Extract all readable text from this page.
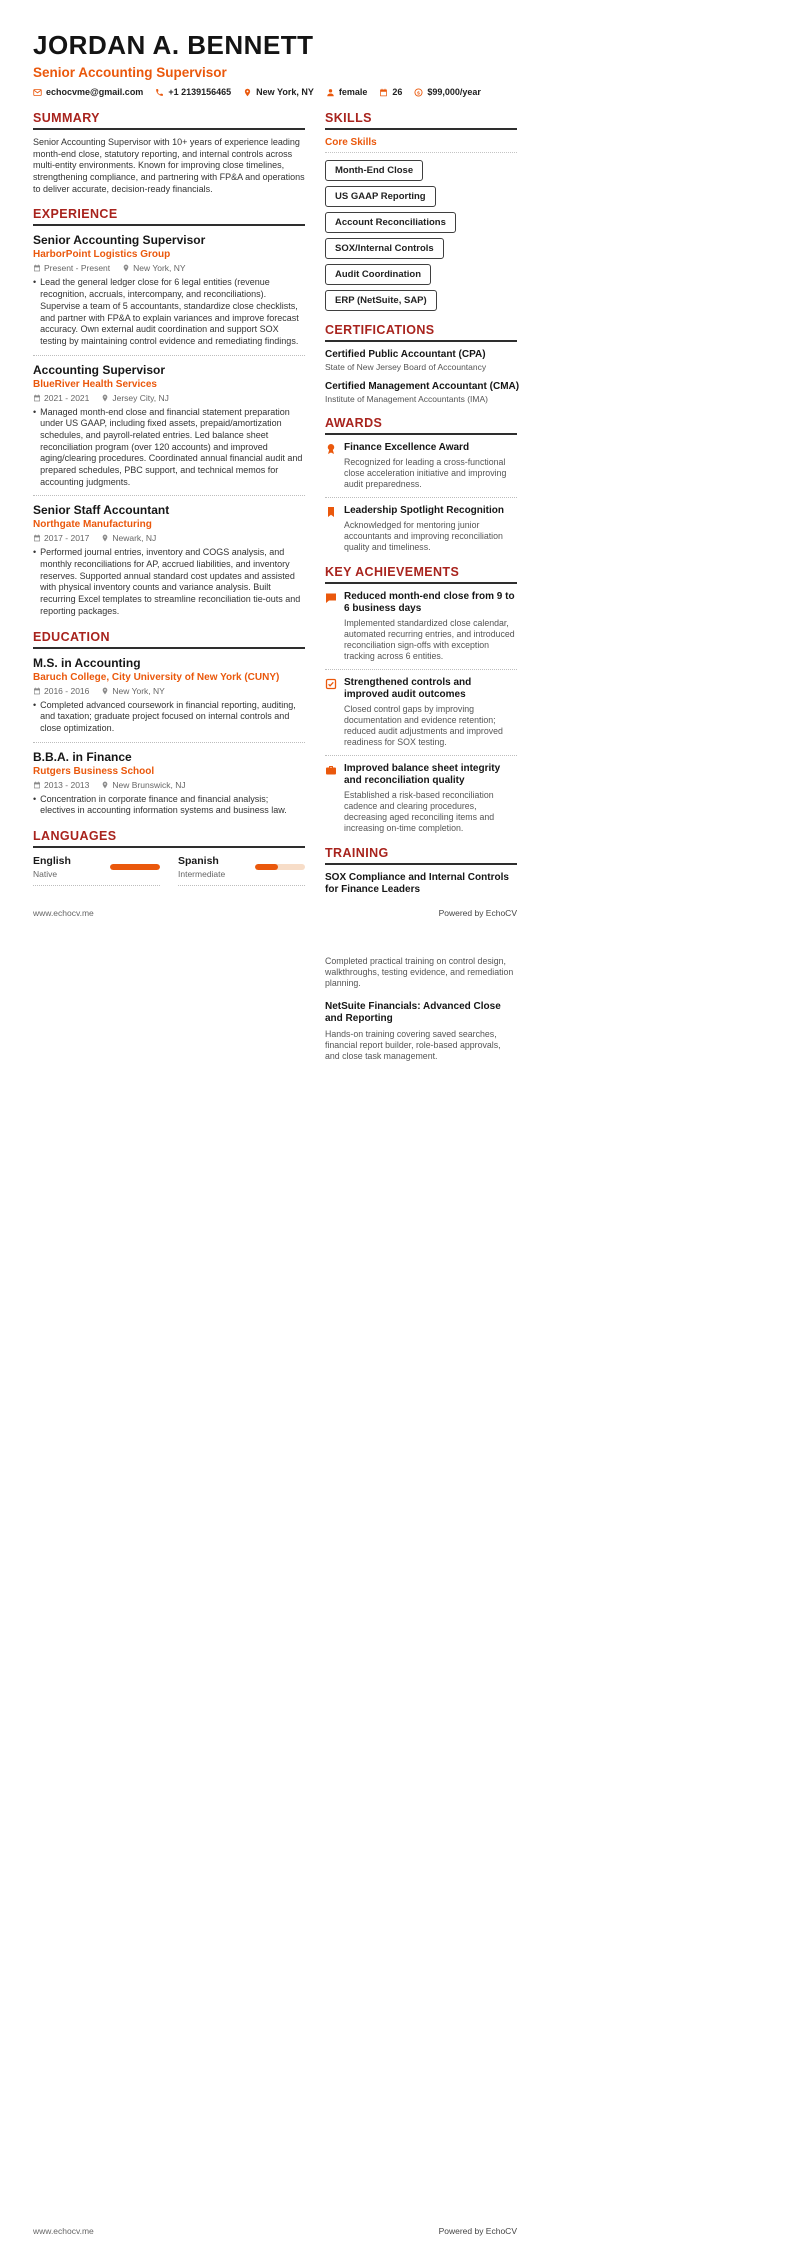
JORDAN A. BENNETT
Senior Accounting Supervisor
echocvme@gmail.com	+1 2139156465	New York, NY	female	26 $ $99,000/year
SUMMARY

Senior Accounting Supervisor with 10+ years of experience leading month-end close, statutory reporting, and internal controls across multi-entity environments. Known for improving close timelines, strengthening compliance, and partnering with FP&A and operations to deliver accurate, decision-ready financials.

EXPERIENCE
Senior Accounting Supervisor
HarborPoint Logistics Group
Present - Present	New York, NY
• Lead the general ledger close for 6 legal entities (revenue recognition, accruals, intercompany, and reconciliations). Supervise a team of 5 accountants, standardize close checklists, and partner with FP&A to explain variances and improve forecast accuracy. Own external audit coordination and support SOX testing by maintaining control evidence and remediating findings.
Accounting Supervisor
BlueRiver Health Services
2021 - 2021	Jersey City, NJ
• Managed month-end close and financial statement preparation under US GAAP, including fixed assets, prepaid/amortization schedules, and payroll-related entries. Led balance sheet reconciliation program (over 120 accounts) and improved aging/clearing procedures. Coordinated annual financial audit and prepared schedules, PBC support, and technical memos for accounting judgments.
Senior Staff Accountant
Northgate Manufacturing
2017 - 2017	Newark, NJ
• Performed journal entries, inventory and COGS analysis, and monthly reconciliations for AP, accrued liabilities, and inventory reserves. Supported annual standard cost updates and assisted with physical inventory counts and variance analysis. Built recurring Excel templates to streamline reconciliation tie-outs and reporting packages.
EDUCATION
M.S. in Accounting
Baruch College, City University of New York (CUNY)
2016 - 2016	New York, NY
• Completed advanced coursework in financial reporting, auditing, and taxation; graduate project focused on internal controls and close optimization.
B.B.A. in Finance
Rutgers Business School
2013 - 2013	New Brunswick, NJ
• Concentration in corporate finance and financial analysis; electives in accounting information systems and business law.
LANGUAGES
English
Native
Spanish
Intermediate
SKILLS
Core Skills
Month-End Close
US GAAP Reporting
Account Reconciliations
SOX/Internal Controls
Audit Coordination
ERP (NetSuite, SAP)
CERTIFICATIONS
Certified Public Accountant (CPA)
State of New Jersey Board of Accountancy
Certified Management Accountant (CMA)
Institute of Management Accountants (IMA)
AWARDS
Finance Excellence Award
Recognized for leading a cross-functional close acceleration initiative and improving audit preparedness.
Leadership Spotlight Recognition
Acknowledged for mentoring junior accountants and improving reconciliation quality and timeliness.
KEY ACHIEVEMENTS
Reduced month-end close from 9 to 6 business days
Implemented standardized close calendar, automated recurring entries, and introduced reconciliation sign-offs with exception tracking across 6 entities.
Strengthened controls and improved audit outcomes
Closed control gaps by improving documentation and evidence retention; reduced audit adjustments and improved readiness for SOX testing.
Improved balance sheet integrity and reconciliation quality
Established a risk-based reconciliation cadence and clearing procedures, decreasing aged reconciling items and increasing on-time completion.
TRAINING
SOX Compliance and Internal Controls for Finance Leaders
www.echocv.me	Powered by EchoCV

Completed practical training on control design, walkthroughs, testing evidence, and remediation planning.

NetSuite Financials: Advanced Close and Reporting

Hands-on training covering saved searches, financial report builder, role-based approvals, and close task management.

www.echocv.me	Powered by EchoCV
